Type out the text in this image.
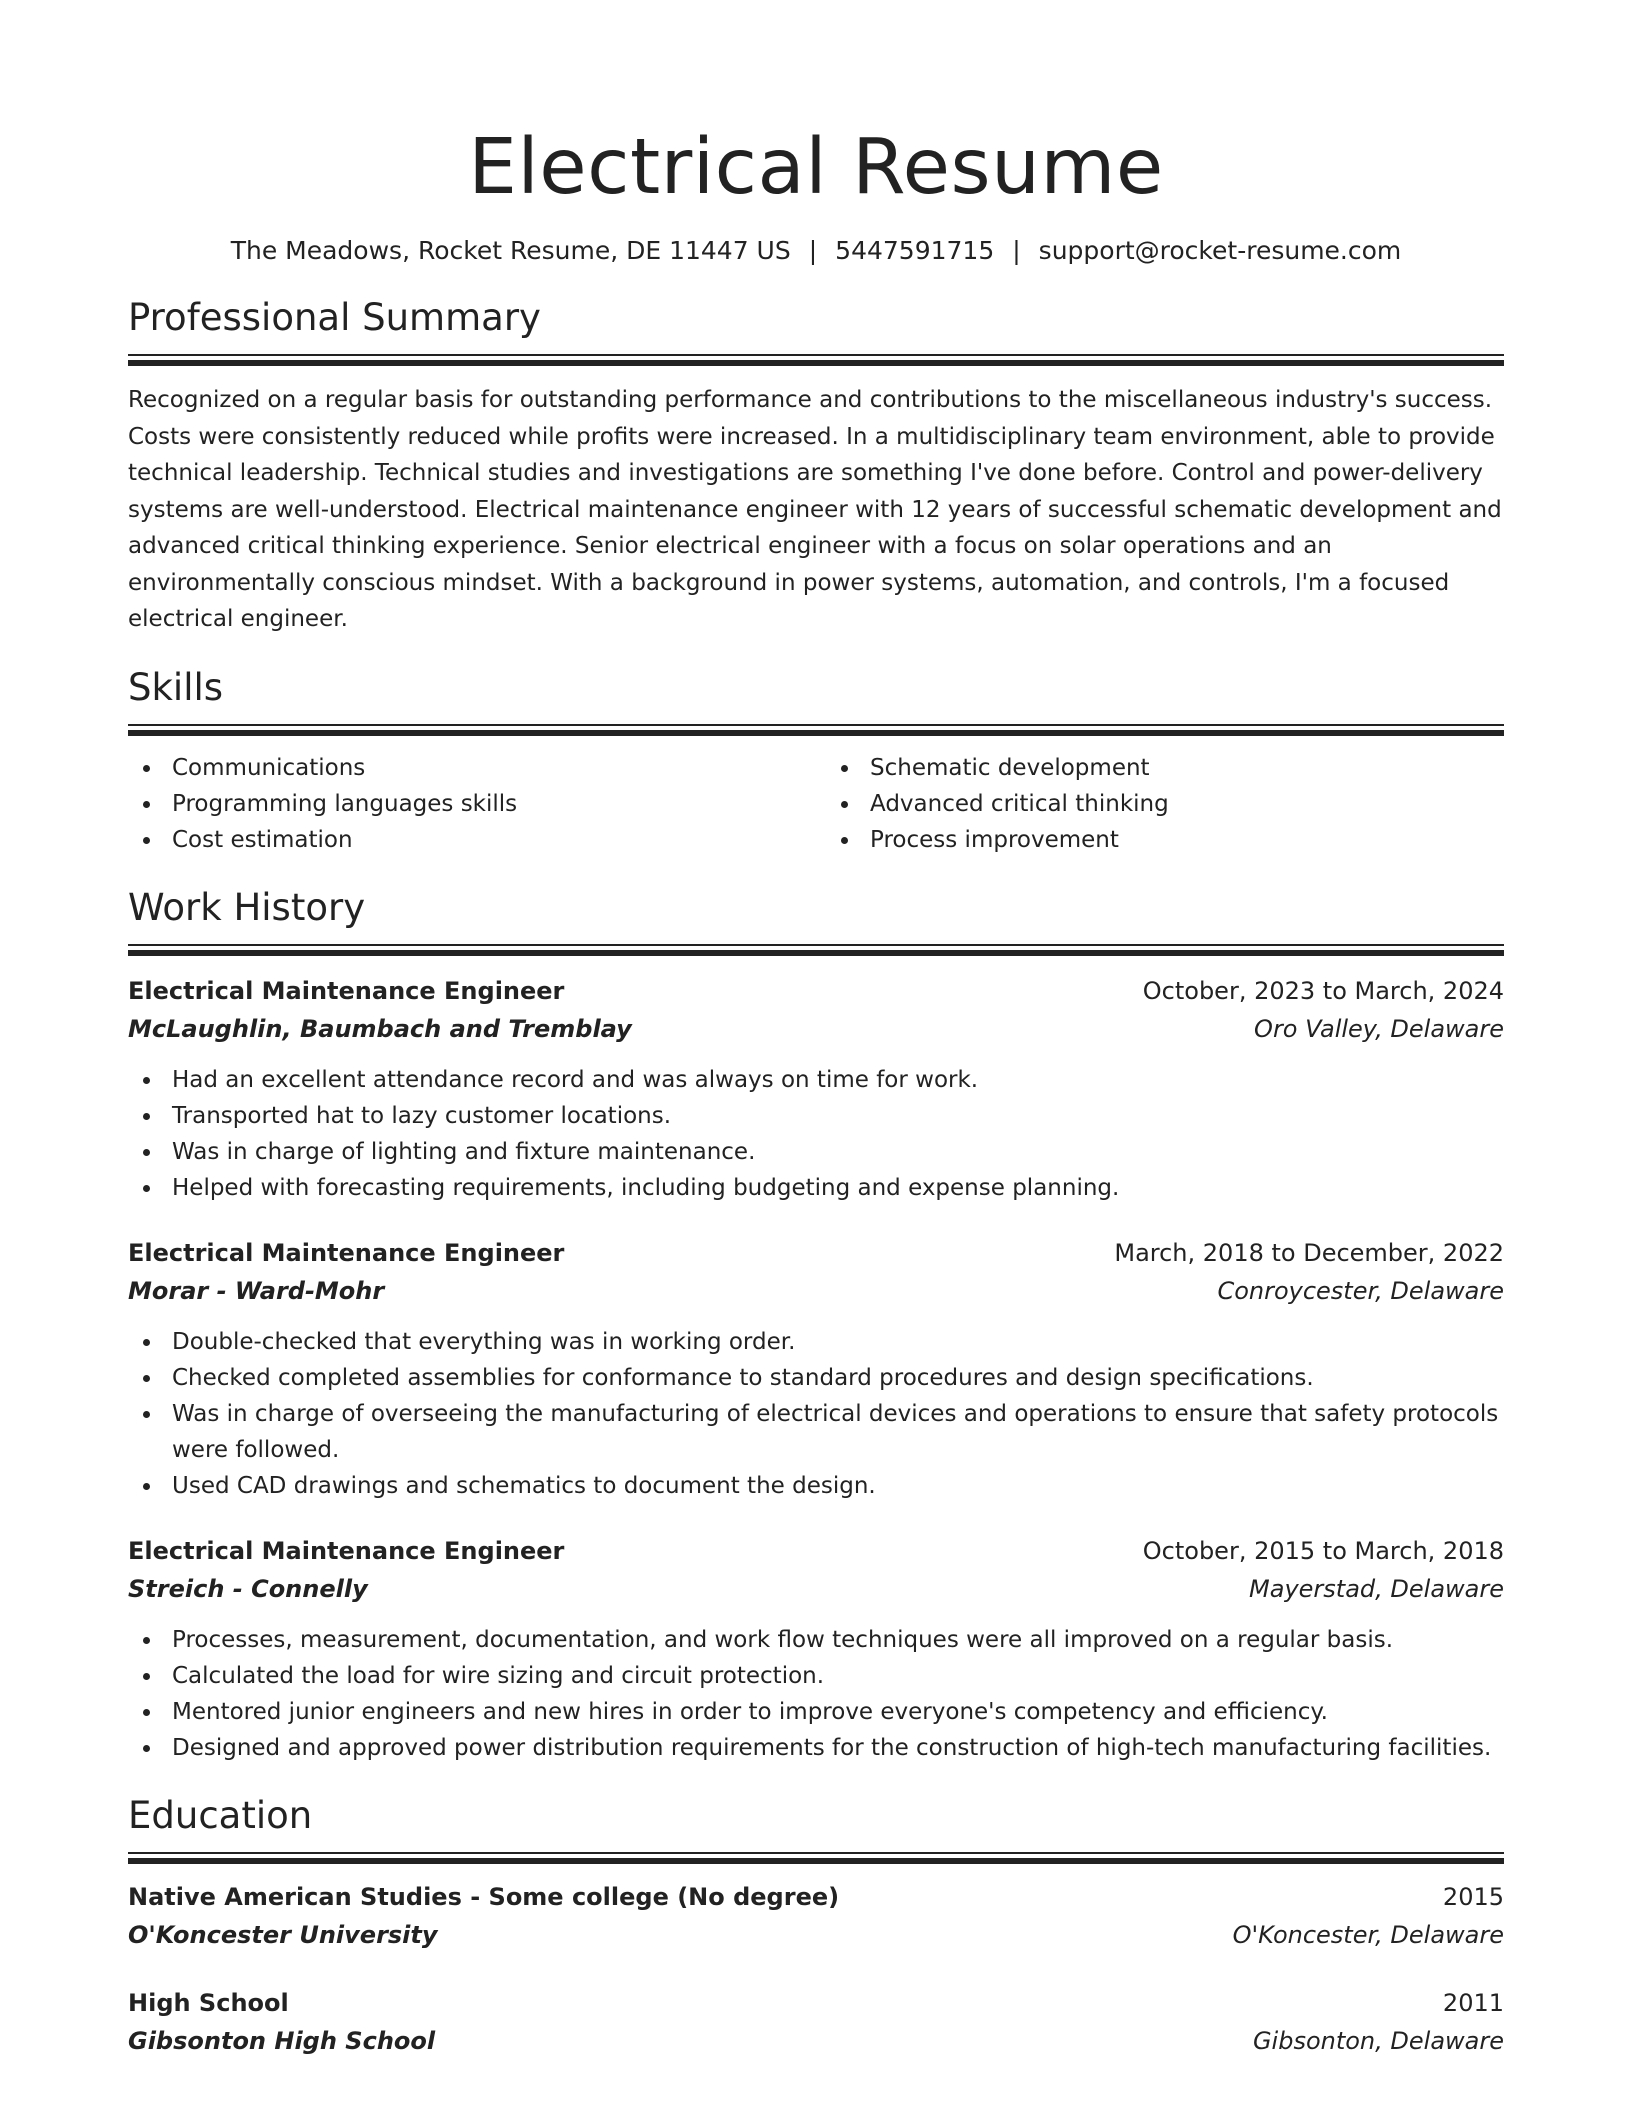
Electrical Resume
The Meadows, Rocket Resume, DE 11447 US | 5447591715 | support@rocket-resume.com
Professional Summary

Recognized on a regular basis for outstanding performance and contributions to the miscellaneous industry's success. Costs were consistently reduced while profits were increased. In a multidisciplinary team environment, able to provide technical leadership. Technical studies and investigations are something I've done before. Control and power-delivery systems are well-understood. Electrical maintenance engineer with 12 years of successful schematic development and advanced critical thinking experience. Senior electrical engineer with a focus on solar operations and an environmentally conscious mindset. With a background in power systems, automation, and controls, I'm a focused electrical engineer.

Skills
Communications
Programming languages skills
Cost estimation
Schematic development
Advanced critical thinking
Process improvement
Work History
Electrical Maintenance Engineer	October, 2023 to March, 2024
McLaughlin, Baumbach and Tremblay	Oro Valley, Delaware
Had an excellent attendance record and was always on time for work.
Transported hat to lazy customer locations.
Was in charge of lighting and fixture maintenance.
Helped with forecasting requirements, including budgeting and expense planning.
Electrical Maintenance Engineer	March, 2018 to December, 2022
Morar - Ward-Mohr	Conroycester, Delaware
Double-checked that everything was in working order.
Checked completed assemblies for conformance to standard procedures and design specifications.
Was in charge of overseeing the manufacturing of electrical devices and operations to ensure that safety protocols were followed.
Used CAD drawings and schematics to document the design.
Electrical Maintenance Engineer	October, 2015 to March, 2018
Streich - Connelly	Mayerstad, Delaware
Processes, measurement, documentation, and work flow techniques were all improved on a regular basis.
Calculated the load for wire sizing and circuit protection.
Mentored junior engineers and new hires in order to improve everyone's competency and efficiency.
Designed and approved power distribution requirements for the construction of high-tech manufacturing facilities.
Education
Native American Studies - Some college (No degree)	2015
O'Koncester University	O'Koncester, Delaware
High School	2011
Gibsonton High School	Gibsonton, Delaware
